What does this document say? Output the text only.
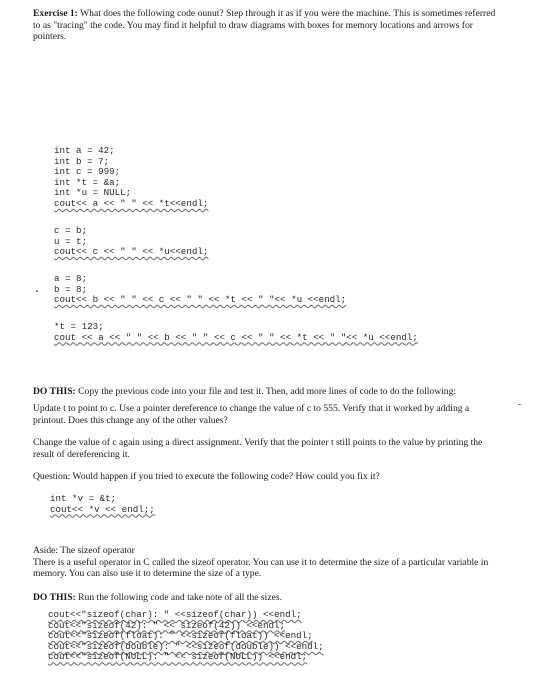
Exercise 1: What does the following code ounut? Step through it as if you were the machine. This is sometimes referred to as "tracing" the code. You may find it helpful to draw diagrams with boxes for memory locations and arrows for pointers.
int a = 42;
int b = 7;
int c = 999;
int *t = &a;
int *u = NULL;
cout<< a << " " << *t<<endl;
c = b;
u = t;
cout<< c << " " << *u<<endl;
a = 8;
b = 8;
cout<< b << " " << c << " " << *t << " "<< *u <<endl;
*t = 123;
cout << a << " " << b << " " << c << " " << *t << " "<< *u <<endl;
DO THIS: Copy the previous code into your file and test it. Then, add more lines of code to do the following:
Update t to point to c. Use a pointer dereference to change the value of c to 555. Verify that it worked by adding a printout. Does this change any of the other values?
Change the value of c again using a direct assignment. Verify that the pointer t still points to the value by printing the result of dereferencing it.
Question: Would happen if you tried to execute the following code? How could you fix it?
int *v = &t;
cout<< *v << endl;;
Aside: The sizeof operator
There is a useful operator in C called the sizeof operator. You can use it to determine the size of a particular variable in memory. You can also use it to determine the size of a type.
DO THIS: Run the following code and take note of all the sizes.
cout<<"sizeof(char): " <<sizeof(char)) <<endl;
cout<<"sizeof(42): " << sizeof(42)) <<endl;
cout<<"sizeof(float): " <<sizeof(float)) <<endl;
cout<<"sizeof(double): " <<sizeof(double)) <<endl;
cout<<"sizeof(NULL): " << sizeof(NULL)) <<endl;
